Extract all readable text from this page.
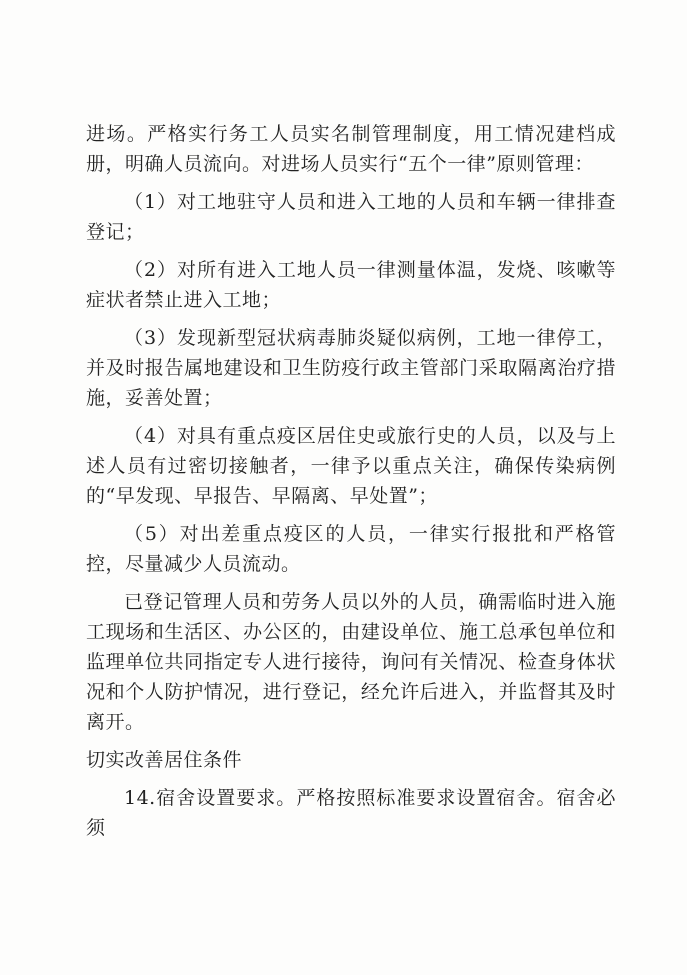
进场。严格实行务工人员实名制管理制度，用工情况建档成册，明确人员流向。对进场人员实行“五个一律”原则管理：

（1）对工地驻守人员和进入工地的人员和车辆一律排查登记；

（2）对所有进入工地人员一律测量体温，发烧、咳嗽等症状者禁止进入工地；

（3）发现新型冠状病毒肺炎疑似病例，工地一律停工，并及时报告属地建设和卫生防疫行政主管部门采取隔离治疗措施，妥善处置；

（4）对具有重点疫区居住史或旅行史的人员，以及与上述人员有过密切接触者，一律予以重点关注，确保传染病例的“早发现、早报告、早隔离、早处置”；

（5）对出差重点疫区的人员，一律实行报批和严格管控，尽量减少人员流动。

已登记管理人员和劳务人员以外的人员，确需临时进入施工现场和生活区、办公区的，由建设单位、施工总承包单位和监理单位共同指定专人进行接待，询问有关情况、检查身体状况和个人防护情况，进行登记，经允许后进入，并监督其及时离开。

切实改善居住条件

14.宿舍设置要求。严格按照标准要求设置宿舍。宿舍必须
